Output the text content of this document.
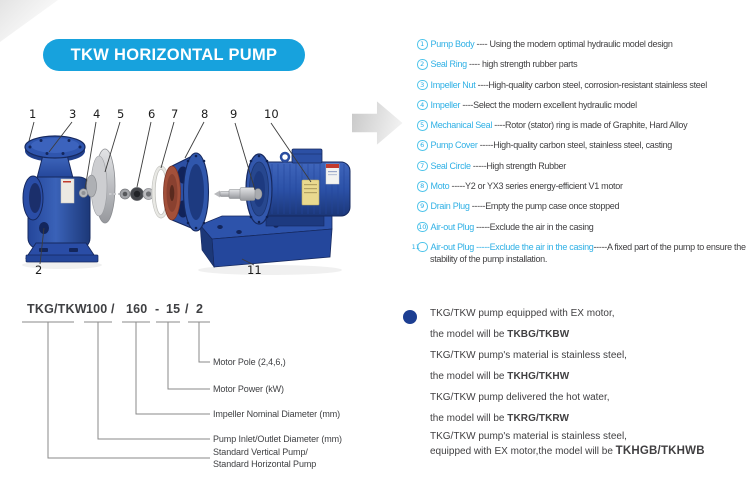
TKW HORIZONTAL PUMP
1	3 4 5 6 7 8 9 10
2	11
1 Pump Body ---- Using the modern optimal hydraulic model design
2 Seal Ring ---- high strength rubber parts
3 Impeller Nut ----High-quality carbon steel, corrosion-resistant stainless steel
4 Impeller ----Select the modern excellent hydraulic model
5 Mechanical Seal ----Rotor (stator) ring is made of Graphite, Hard Alloy
6 Pump Cover -----High-quality carbon steel, stainless steel, casting
7 Seal Circle -----High strength Rubber
8 Moto -----Y2 or YX3 series energy-efficient V1 motor
9 Drain Plug -----Empty the pump case once stopped
10 Air-out Plug -----Exclude the air in the casing
11 Air-out Plug -----Exclude the air in the casing-----A fixed part of the pump to ensure the stability of the pump installation.
TKG/TKW 100 / 160 - 15 / 2
Motor Pole (2,4,6,)
Motor Power (kW)
Impeller Nominal Diameter (mm)
Pump Inlet/Outlet Diameter (mm)
Standard Vertical Pump/
Standard Horizontal Pump

TKG/TKW pump equipped with EX motor,

the model will be TKBG/TKBW

TKG/TKW pump's material is stainless steel,

the model will be TKHG/TKHW

TKG/TKW pump delivered the hot water,

the model will be TKRG/TKRW

TKG/TKW pump's material is stainless steel,

equipped with EX motor,the model will be TKHGB/TKHWB
